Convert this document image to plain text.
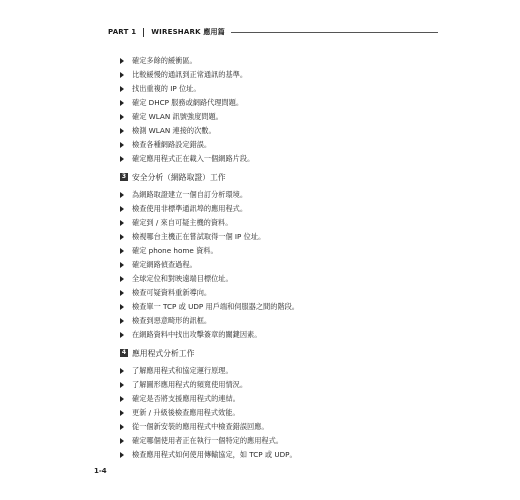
PART 1 WIRESHARK 應用篇
確定多餘的緩衝區。
比較緩慢的通訊到正常通訊的基準。
找出重複的 IP 位址。
確定 DHCP 服務或網路代理問題。
確定 WLAN 訊號強度問題。
檢測 WLAN 連接的次數。
檢查各種網路設定錯誤。
確定應用程式正在載入一個網路片段。
3 安全分析（網路取證）工作
為網路取證建立一個自訂分析環境。
檢查使用非標準通訊埠的應用程式。
確定到 / 來自可疑主機的資料。
檢視哪台主機正在嘗試取得一個 IP 位址。
確定 phone home 資料。
確定網路偵查過程。
全球定位和對映遠端目標位址。
檢查可疑資料重新導向。
檢查單一 TCP 或 UDP 用戶端和伺服器之間的階段。
檢查到惡意畸形的訊框。
在網路資料中找出攻擊簽章的關鍵因素。
4 應用程式分析工作
了解應用程式和協定運行原理。
了解圖形應用程式的頻寬使用情況。
確定是否將支援應用程式的連結。
更新 / 升級後檢查應用程式效能。
從一個新安裝的應用程式中檢查錯誤回應。
確定哪個使用者正在執行一個特定的應用程式。
檢查應用程式如何使用傳輸協定，如 TCP 或 UDP。
1-4
